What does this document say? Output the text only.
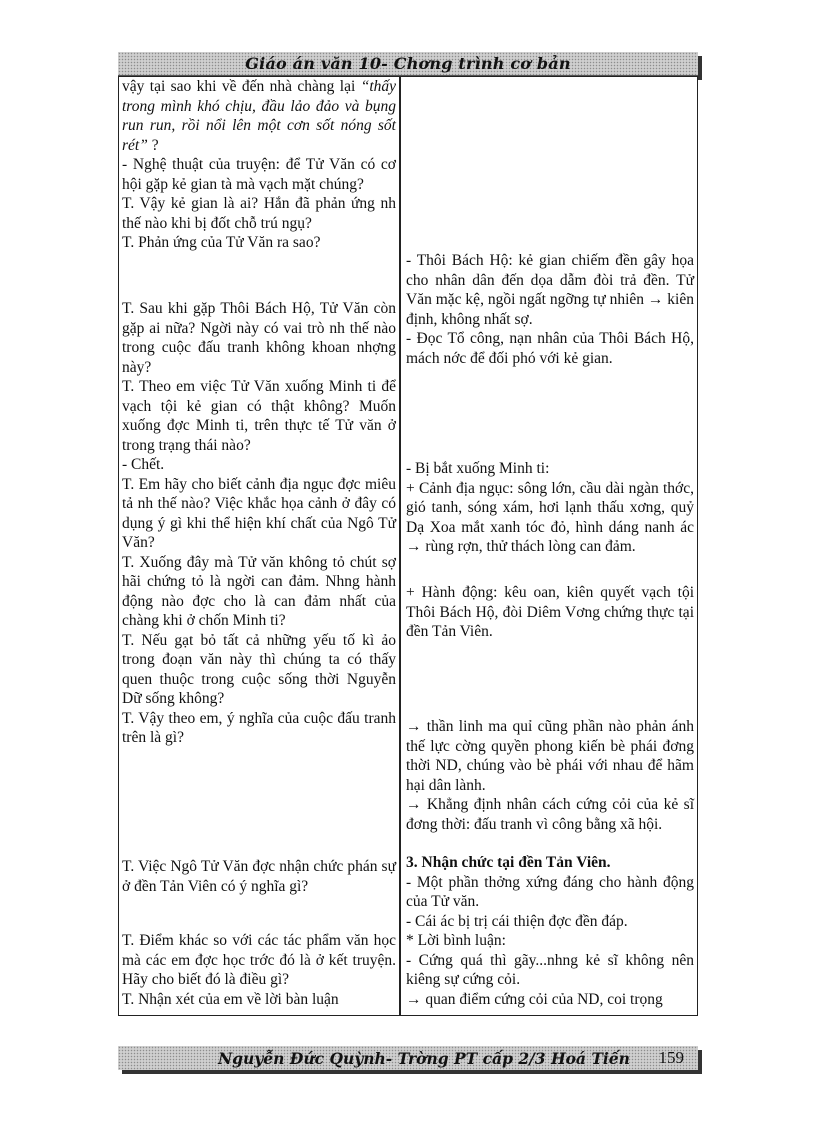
Giáo án văn 10- Chơng trình cơ bản

vậy tại sao khi về đến nhà chàng lại “thấy trong mình khó chịu, đầu lảo đảo và bụng run run, rồi nổi lên một cơn sốt nóng sốt rét” ?

- Nghệ thuật của truyện: để Tử Văn có cơ hội gặp kẻ gian tà mà vạch mặt chúng?

T. Vậy kẻ gian là ai? Hắn đã phản ứng nh thế nào khi bị đốt chỗ trú ngụ?

T. Phản ứng của Tử Văn ra sao?

T. Sau khi gặp Thôi Bách Hộ, Tử Văn còn gặp ai nữa? Ngời này có vai trò nh thế nào trong cuộc đấu tranh không khoan nhợng này?

T. Theo em việc Tử Văn xuống Minh ti để vạch tội kẻ gian có thật không? Muốn xuống đợc Minh ti, trên thực tế Tử văn ở trong trạng thái nào?

- Chết.

T. Em hãy cho biết cảnh địa ngục đợc miêu tả nh thế nào? Việc khắc họa cảnh ở đây có dụng ý gì khi thể hiện khí chất của Ngô Tử Văn?

T. Xuống đây mà Tử văn không tỏ chút sợ hãi chứng tỏ là ngời can đảm. Nhng hành động nào đợc cho là can đảm nhất của chàng khi ở chốn Minh ti?

T. Nếu gạt bỏ tất cả những yếu tố kì ảo trong đoạn văn này thì chúng ta có thấy quen thuộc trong cuộc sống thời Nguyễn Dữ sống không?

T. Vậy theo em, ý nghĩa của cuộc đấu tranh trên là gì?

T. Việc Ngô Tử Văn đợc nhận chức phán sự ở đền Tản Viên có ý nghĩa gì?

T. Điểm khác so với các tác phẩm văn học mà các em đợc học trớc đó là ở kết truyện. Hãy cho biết đó là điều gì?

T. Nhận xét của em về lời bàn luận

- Thôi Bách Hộ: kẻ gian chiếm đền gây họa cho nhân dân đến dọa dẫm đòi trả đền. Tử Văn mặc kệ, ngồi ngất ngỡng tự nhiên → kiên định, không nhất sợ.

- Đọc Tổ công, nạn nhân của Thôi Bách Hộ, mách nớc để đối phó với kẻ gian.

- Bị bắt xuống Minh ti:

+ Cảnh địa ngục: sông lớn, cầu dài ngàn thớc, gió tanh, sóng xám, hơi lạnh thấu xơng, quỷ Dạ Xoa mắt xanh tóc đỏ, hình dáng nanh ác → rùng rợn, thử thách lòng can đảm.

+ Hành động: kêu oan, kiên quyết vạch tội Thôi Bách Hộ, đòi Diêm Vơng chứng thực tại đền Tản Viên.

→ thần linh ma quỉ cũng phần nào phản ánh thế lực cờng quyền phong kiến bè phái đơng thời ND, chúng vào bè phái với nhau để hãm hại dân lành.

→ Khẳng định nhân cách cứng cỏi của kẻ sĩ đơng thời: đấu tranh vì công bằng xã hội.

3. Nhận chức tại đền Tản Viên.

- Một phần thởng xứng đáng cho hành động của Tử văn.

- Cái ác bị trị cái thiện đợc đền đáp.

* Lời bình luận:

- Cứng quá thì gãy...nhng kẻ sĩ không nên kiêng sự cứng cỏi.

→ quan điểm cứng cỏi của ND, coi trọng

Nguyễn Đức Quỳnh- Trờng PT cấp 2/3 Hoá Tiến 159
